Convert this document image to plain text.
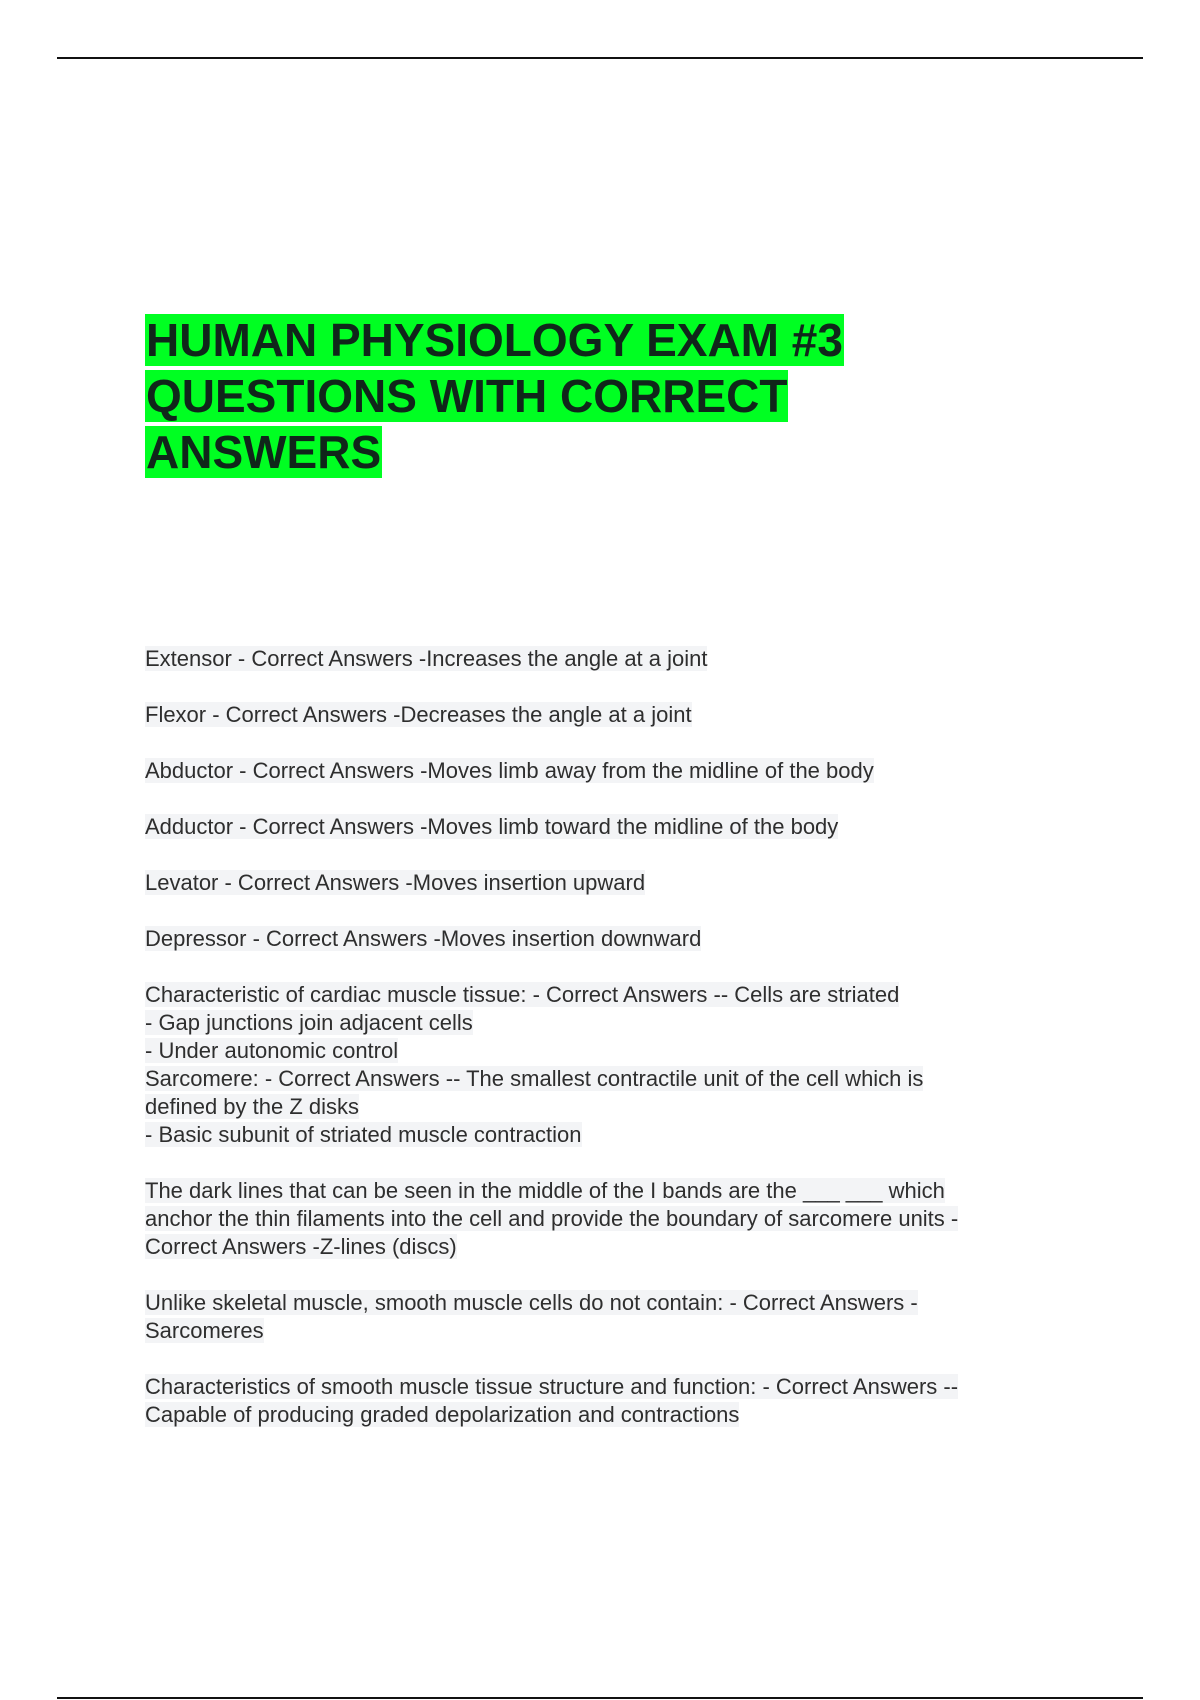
HUMAN PHYSIOLOGY EXAM #3

QUESTIONS WITH CORRECT

ANSWERS

Extensor - Correct Answers -Increases the angle at a joint

Flexor - Correct Answers -Decreases the angle at a joint

Abductor - Correct Answers -Moves limb away from the midline of the body

Adductor - Correct Answers -Moves limb toward the midline of the body

Levator - Correct Answers -Moves insertion upward

Depressor - Correct Answers -Moves insertion downward

Characteristic of cardiac muscle tissue: - Correct Answers -- Cells are striated

- Gap junctions join adjacent cells

- Under autonomic control

Sarcomere: - Correct Answers -- The smallest contractile unit of the cell which is

defined by the Z disks

- Basic subunit of striated muscle contraction

The dark lines that can be seen in the middle of the I bands are the ___ ___ which

anchor the thin filaments into the cell and provide the boundary of sarcomere units -

Correct Answers -Z-lines (discs)

Unlike skeletal muscle, smooth muscle cells do not contain: - Correct Answers -

Sarcomeres

Characteristics of smooth muscle tissue structure and function: - Correct Answers --

Capable of producing graded depolarization and contractions
